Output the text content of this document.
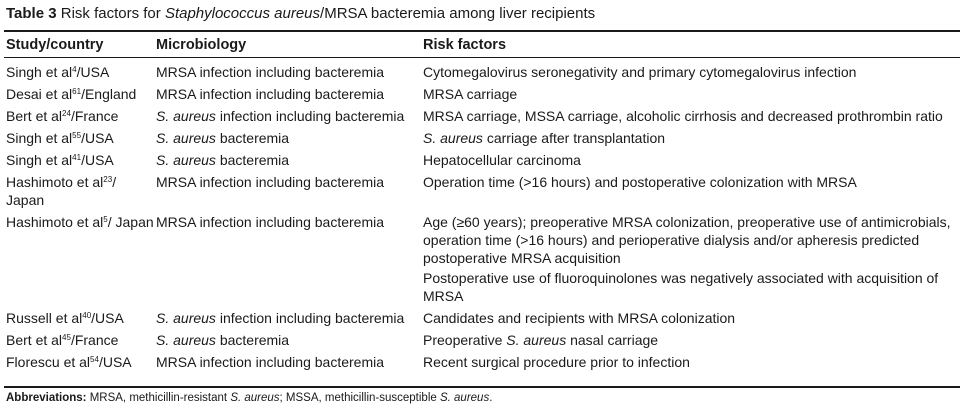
Table 3 Risk factors for Staphylococcus aureus/MRSA bacteremia among liver recipients
Study/country	Microbiology	Risk factors
Singh et $al^4$/USA	MRSA infection including bacteremia	Cytomegalovirus seronegativity and primary cytomegalovirus infection
Desai et $al^{61}$/England	MRSA infection including bacteremia	MRSA carriage
Bert et $al^{24}$/France	S. aureus infection including bacteremia	MRSA carriage, MSSA carriage, alcoholic cirrhosis and decreased prothrombin ratio
Singh et $al^{55}$/USA	S. aureus bacteremia	S. aureus carriage after transplantation
Singh et $al^{41}$/USA	S. aureus bacteremia	Hepatocellular carcinoma
Hashimoto et $al^{23}/$ Japan	MRSA infection including bacteremia	Operation time (>16 hours) and postoperative colonization with MRSA
Hashimoto et $al^5/$ Japan	MRSA infection including bacteremia	Age (≥60 years); preoperative MRSA colonization, preoperative use of antimicrobials, operation time (>16 hours) and perioperative dialysis and/or apheresis predicted postoperative MRSA acquisition
Postoperative use of fluoroquinolones was negatively associated with acquisition of MRSA

Russell et $al^{40}$/USA	S. aureus infection including bacteremia	Candidates and recipients with MRSA colonization
Bert et $al^{45}$/France	S. aureus bacteremia	Preoperative S. aureus nasal carriage
Florescu et $al^{54}$/USA	MRSA infection including bacteremia	Recent surgical procedure prior to infection
Abbreviations: MRSA, methicillin-resistant S. aureus; MSSA, methicillin-susceptible S. aureus.
